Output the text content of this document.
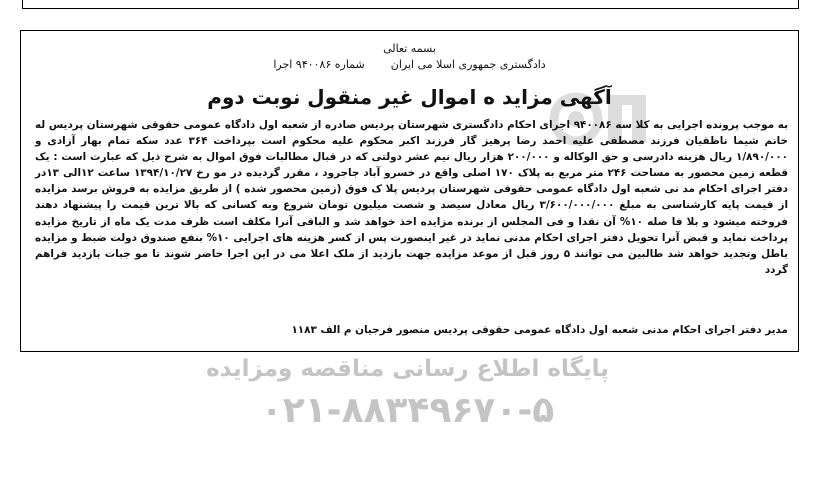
بسمه تعالی
دادگستری جمهوری اسلا می ایران
شماره ۹۴۰۰۸۶ اجرا
آگهی مزاید ه اموال غیر منقول نوبت دوم

به موجب پرونده اجرایی به کلا سه ۹۴۰۰۸۶ اجرای احکام دادگستری شهرستان پردیس صادره از شعبه اول دادگاه عمومی حقوقی شهرستان پردیس له خانم شیما ناظقیان فرزند مصطفی علیه احمد رضا پرهیز گار فرزند اکبر محکوم علیه محکوم است بپرداخت ۳۶۴ عدد سکه تمام بهار آزادی و ۱/۸۹۰/۰۰۰ ریال هزینه دادرسی و حق الوکاله و ۲۰۰/۰۰۰ هزار ریال نیم عشر دولتی که در قبال مطالبات فوق اموال به شرح ذیل که عبارت است : یک قطعه زمین محصور به مساحت ۲۴۶ متر مربع به پلاک ۱۷۰ اصلی واقع در خسرو آباد جاجرود ، مقرر گردیده در مو رخ ۱۳۹۴/۱۰/۲۷ ساعت ۱۲الی ۱۳در دفتر اجرای احکام مد نی شعبه اول دادگاه عمومی حقوقی شهرستان پردیس پلا ک فوق (زمین محصور شده ) از طریق مزایده به فروش برسد مزایده از قیمت پایه کارشناسی به مبلغ ۳/۶۰۰/۰۰۰/۰۰۰ ریال معادل سیصد و شصت میلیون تومان شروع وبه کسانی که بالا ترین قیمت را پیشنهاد دهند فروخته میشود و بلا فا صله ۱۰% آن نقدا و فی المجلس از برنده مزایده اخذ خواهد شد و الباقی آنرا مکلف است ظرف مدت یک ماه از تاریخ مزایده پرداخت نماید و قبض آنرا تحویل دفتر اجرای احکام مدنی نماید در غیر اینصورت پس از کسر هزینه های اجرایی ۱۰% بنفع صندوق دولت ضبط و مزایده باطل وتجدید خواهد شد طالبین می توانند ۵ روز قبل از موعد مزایده جهت بازدید از ملک اعلا می در این اجرا حاضر شوند تا مو جبات بازدید فراهم گردد

مدیر دفتر اجرای احکام مدنی شعبه اول دادگاه عمومی حقوقی پردیس منصور فرجیان م الف ۱۱۸۳
پایگاه اطلاع رسانی مناقصه ومزایده
۰۲۱-۸۸۳۴۹۶۷۰-۵
